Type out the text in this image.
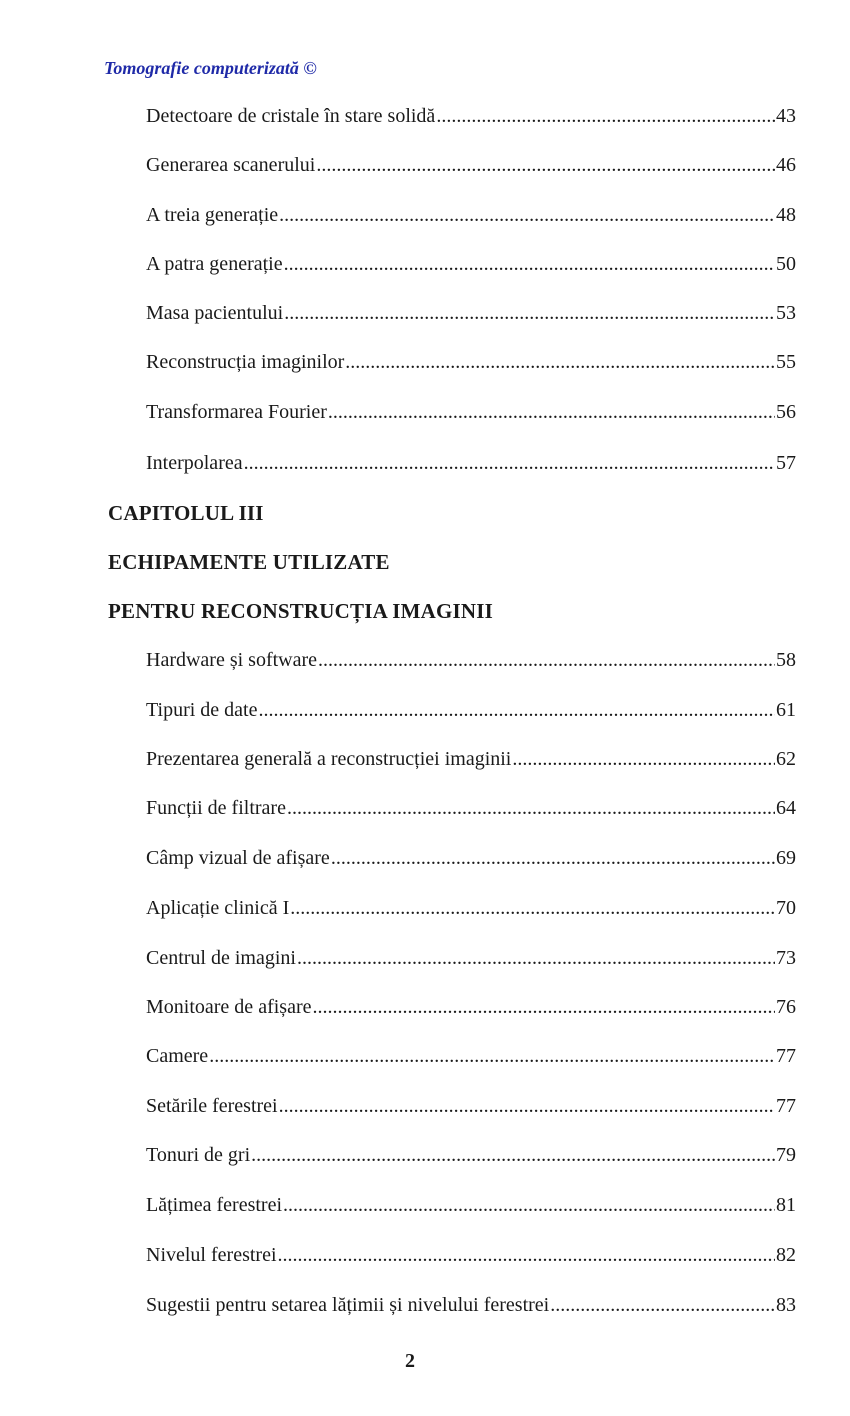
Tomografie computerizată ©
Detectoare de cristale în stare solidă .....	43
Generarea scanerului .....	46
A treia generație .....	48
A patra generație .....	50
Masa pacientului .....	53
Reconstrucția imaginilor .....	55
Transformarea Fourier .....	56
Interpolarea .....	57
CAPITOLUL III
ECHIPAMENTE UTILIZATE
PENTRU RECONSTRUCȚIA IMAGINII
Hardware și software .....	58
Tipuri de date .....	61
Prezentarea generală a reconstrucției imaginii .....	62
Funcții de filtrare .....	64
Câmp vizual de afișare .....	69
Aplicație clinică I .....	70
Centrul de imagini .....	73
Monitoare de afișare .....	76
Camere .....	77
Setările ferestrei .....	77
Tonuri de gri .....	79
Lățimea ferestrei .....	81
Nivelul ferestrei .....	82
Sugestii pentru setarea lățimii și nivelului ferestrei .....	83
2
